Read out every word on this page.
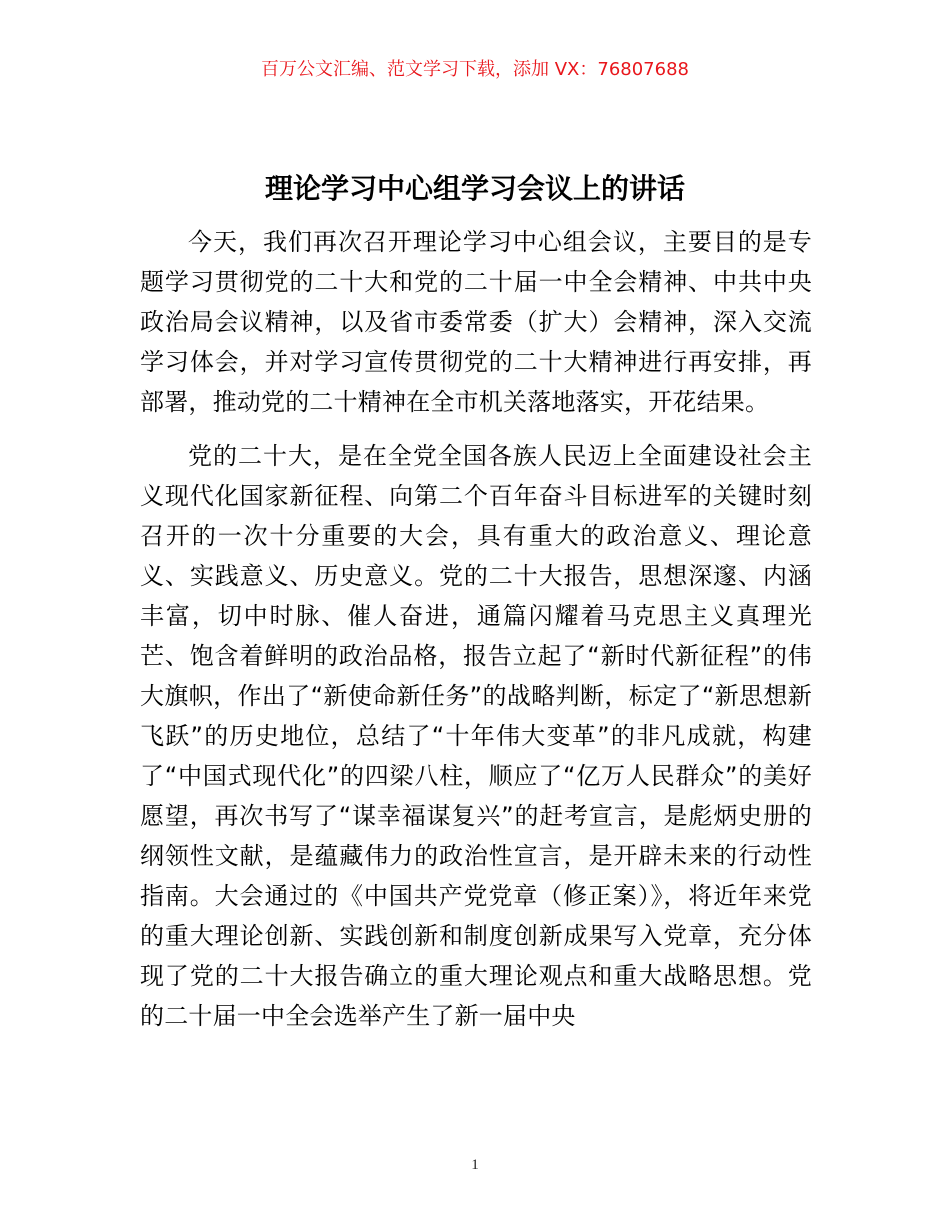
百万公文汇编、范文学习下载，添加 VX：76807688
理论学习中心组学习会议上的讲话

今天，我们再次召开理论学习中心组会议，主要目的是专题学习贯彻党的二十大和党的二十届一中全会精神、中共中央政治局会议精神，以及省市委常委（扩大）会精神，深入交流学习体会，并对学习宣传贯彻党的二十大精神进行再安排，再部署，推动党的二十精神在全市机关落地落实，开花结果。

党的二十大，是在全党全国各族人民迈上全面建设社会主义现代化国家新征程、向第二个百年奋斗目标进军的关键时刻召开的一次十分重要的大会，具有重大的政治意义、理论意义、实践意义、历史意义。党的二十大报告，思想深邃、内涵丰富，切中时脉、催人奋进，通篇闪耀着马克思主义真理光芒、饱含着鲜明的政治品格，报告立起了“新时代新征程”的伟大旗帜，作出了“新使命新任务”的战略判断，标定了“新思想新飞跃”的历史地位，总结了“十年伟大变革”的非凡成就，构建了“中国式现代化”的四梁八柱，顺应了“亿万人民群众”的美好愿望，再次书写了“谋幸福谋复兴”的赶考宣言，是彪炳史册的纲领性文献，是蕴藏伟力的政治性宣言，是开辟未来的行动性指南。大会通过的《中国共产党党章（修正案）》，将近年来党的重大理论创新、实践创新和制度创新成果写入党章，充分体现了党的二十大报告确立的重大理论观点和重大战略思想。党的二十届一中全会选举产生了新一届中央

1
